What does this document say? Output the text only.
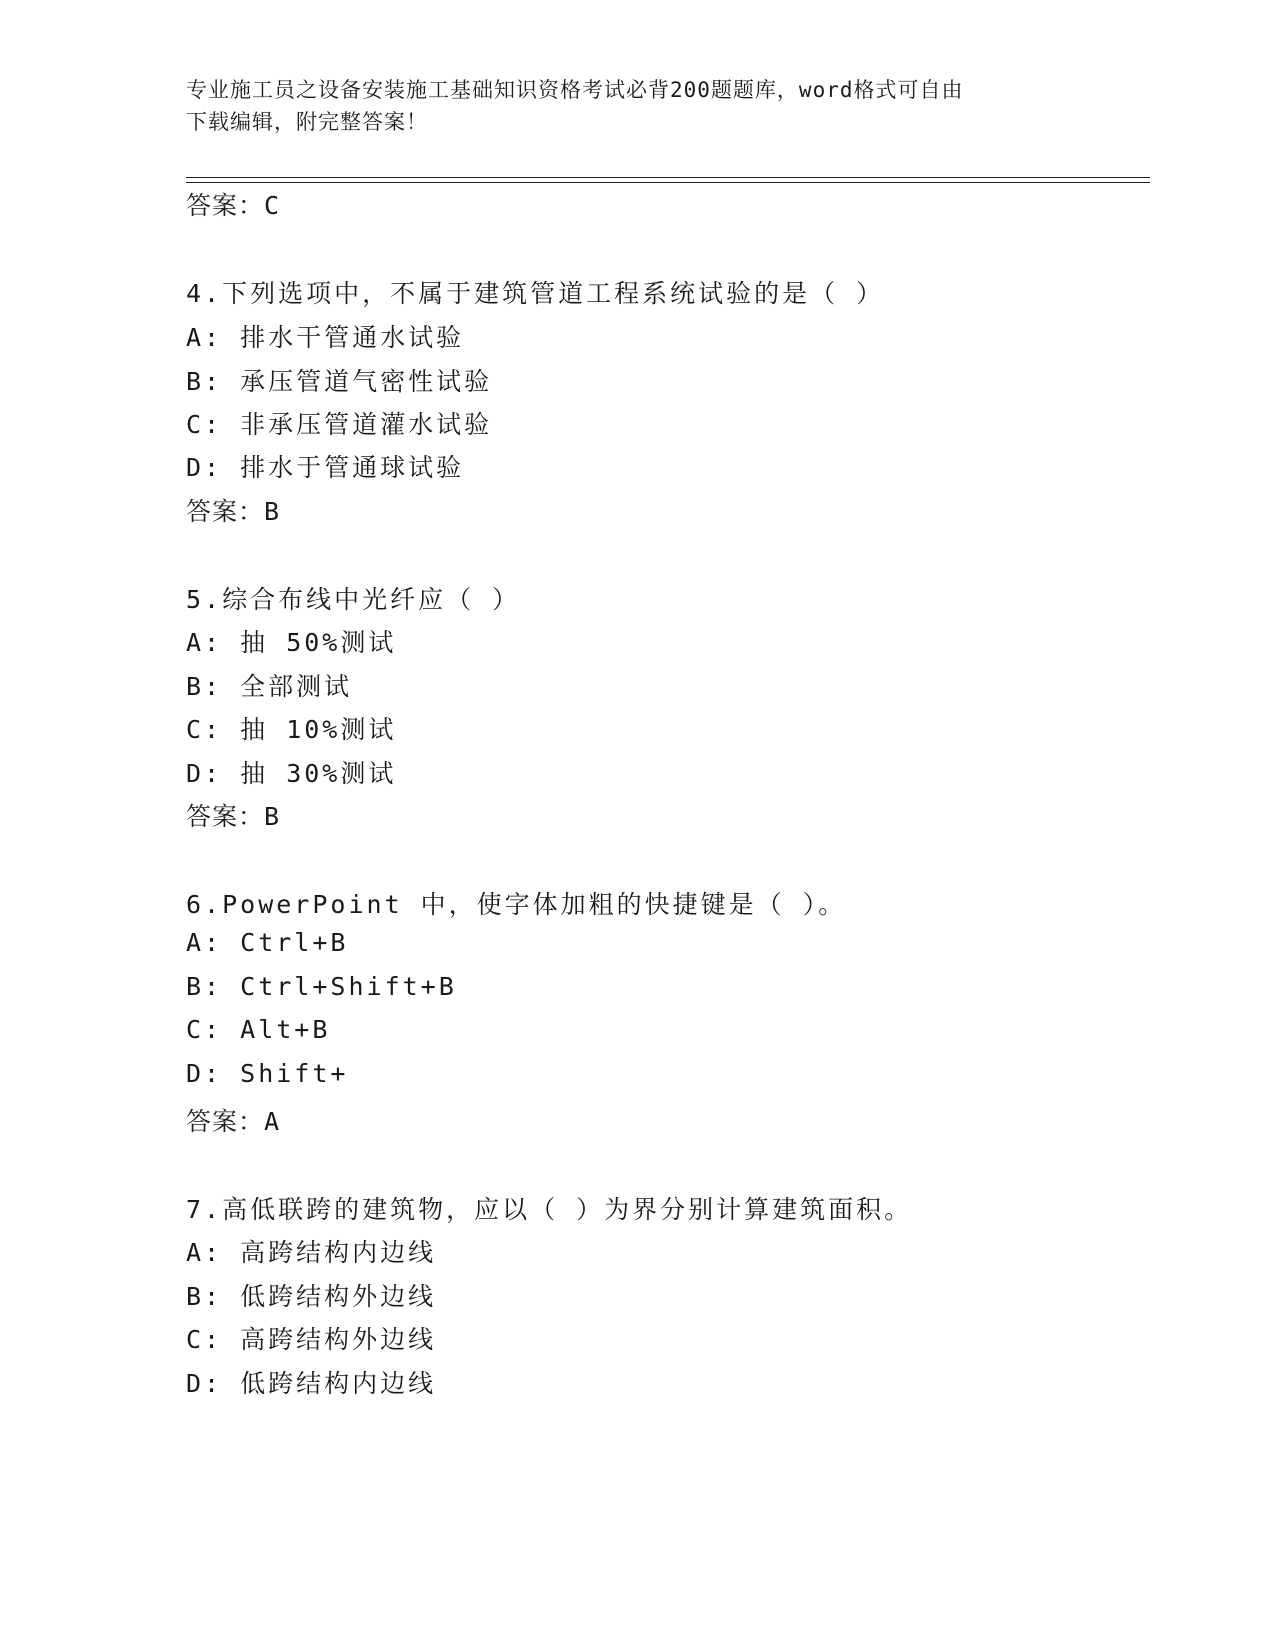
专业施工员之设备安装施工基础知识资格考试必背200题题库，word格式可自由
下载编辑，附完整答案！
答案：C
4.下列选项中，不属于建筑管道工程系统试验的是（ ）
A: 排水干管通水试验
B: 承压管道气密性试验
C: 非承压管道灌水试验
D: 排水于管通球试验
答案：B
5.综合布线中光纤应（ ）
A: 抽 50%测试
B: 全部测试
C: 抽 10%测试
D: 抽 30%测试
答案：B
6.PowerPoint 中，使字体加粗的快捷键是（ ）。
A: Ctrl+B
B: Ctrl+Shift+B
C: Alt+B
D: Shift+
答案：A
7.高低联跨的建筑物，应以（ ）为界分别计算建筑面积。
A: 高跨结构内边线
B: 低跨结构外边线
C: 高跨结构外边线
D: 低跨结构内边线
